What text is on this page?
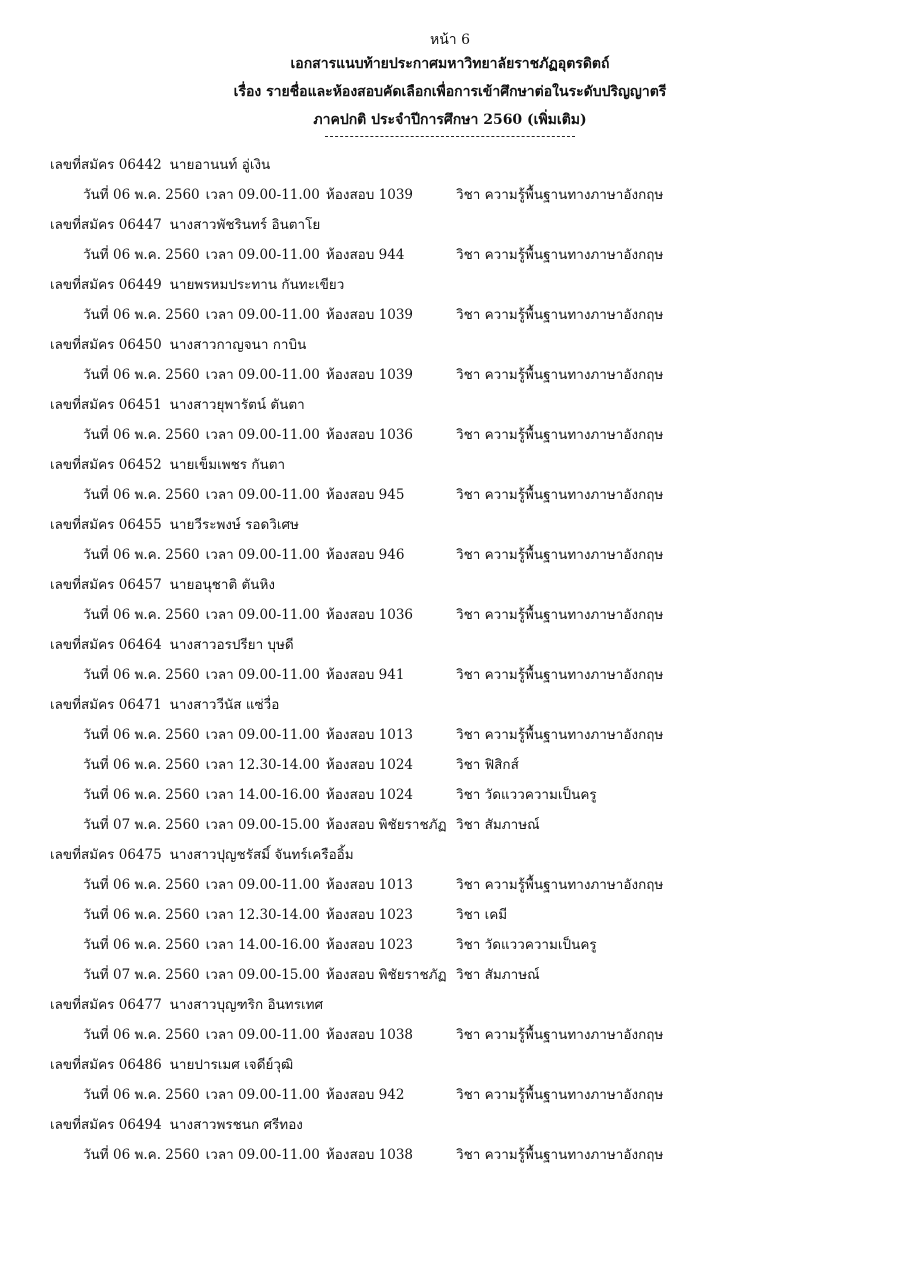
หน้า 6
เอกสารแนบท้ายประกาศมหาวิทยาลัยราชภัฏอุตรดิตถ์
เรื่อง รายชื่อและห้องสอบคัดเลือกเพื่อการเข้าศึกษาต่อในระดับปริญญาตรี
ภาคปกติ ประจำปีการศึกษา 2560 (เพิ่มเติม)
เลขที่สมัคร 06442 นายอานนท์ อู่เงิน
วันที่ 06 พ.ค. 2560 เวลา 09.00-11.00 ห้องสอบ 1039	วิชา ความรู้พื้นฐานทางภาษาอังกฤษ
เลขที่สมัคร 06447 นางสาวพัชรินทร์ อินตาโย
วันที่ 06 พ.ค. 2560 เวลา 09.00-11.00 ห้องสอบ 944	วิชา ความรู้พื้นฐานทางภาษาอังกฤษ
เลขที่สมัคร 06449 นายพรหมประทาน กันทะเขียว
วันที่ 06 พ.ค. 2560 เวลา 09.00-11.00 ห้องสอบ 1039	วิชา ความรู้พื้นฐานทางภาษาอังกฤษ
เลขที่สมัคร 06450 นางสาวกาญจนา กาบิน
วันที่ 06 พ.ค. 2560 เวลา 09.00-11.00 ห้องสอบ 1039	วิชา ความรู้พื้นฐานทางภาษาอังกฤษ
เลขที่สมัคร 06451 นางสาวยุพารัตน์ ตันตา
วันที่ 06 พ.ค. 2560 เวลา 09.00-11.00 ห้องสอบ 1036	วิชา ความรู้พื้นฐานทางภาษาอังกฤษ
เลขที่สมัคร 06452 นายเข็มเพชร กันตา
วันที่ 06 พ.ค. 2560 เวลา 09.00-11.00 ห้องสอบ 945	วิชา ความรู้พื้นฐานทางภาษาอังกฤษ
เลขที่สมัคร 06455 นายวีระพงษ์ รอดวิเศษ
วันที่ 06 พ.ค. 2560 เวลา 09.00-11.00 ห้องสอบ 946	วิชา ความรู้พื้นฐานทางภาษาอังกฤษ
เลขที่สมัคร 06457 นายอนุชาติ ตันหิง
วันที่ 06 พ.ค. 2560 เวลา 09.00-11.00 ห้องสอบ 1036	วิชา ความรู้พื้นฐานทางภาษาอังกฤษ
เลขที่สมัคร 06464 นางสาวอรปรียา บุษดี
วันที่ 06 พ.ค. 2560 เวลา 09.00-11.00 ห้องสอบ 941	วิชา ความรู้พื้นฐานทางภาษาอังกฤษ
เลขที่สมัคร 06471 นางสาววีนัส แซ่วื่อ
วันที่ 06 พ.ค. 2560 เวลา 09.00-11.00 ห้องสอบ 1013	วิชา ความรู้พื้นฐานทางภาษาอังกฤษ
วันที่ 06 พ.ค. 2560 เวลา 12.30-14.00 ห้องสอบ 1024	วิชา ฟิสิกส์
วันที่ 06 พ.ค. 2560 เวลา 14.00-16.00 ห้องสอบ 1024	วิชา วัดแววความเป็นครู
วันที่ 07 พ.ค. 2560 เวลา 09.00-15.00 ห้องสอบ พิชัยราชภัฏ วิชา สัมภาษณ์
เลขที่สมัคร 06475 นางสาวปุญชรัสมิ์ จันทร์เครืออิ้ม
วันที่ 06 พ.ค. 2560 เวลา 09.00-11.00 ห้องสอบ 1013	วิชา ความรู้พื้นฐานทางภาษาอังกฤษ
วันที่ 06 พ.ค. 2560 เวลา 12.30-14.00 ห้องสอบ 1023	วิชา เคมี
วันที่ 06 พ.ค. 2560 เวลา 14.00-16.00 ห้องสอบ 1023	วิชา วัดแววความเป็นครู
วันที่ 07 พ.ค. 2560 เวลา 09.00-15.00 ห้องสอบ พิชัยราชภัฏ วิชา สัมภาษณ์
เลขที่สมัคร 06477 นางสาวบุญฑริก อินทรเทศ
วันที่ 06 พ.ค. 2560 เวลา 09.00-11.00 ห้องสอบ 1038	วิชา ความรู้พื้นฐานทางภาษาอังกฤษ
เลขที่สมัคร 06486 นายปารเมศ เจดีย์วุฒิ
วันที่ 06 พ.ค. 2560 เวลา 09.00-11.00 ห้องสอบ 942	วิชา ความรู้พื้นฐานทางภาษาอังกฤษ
เลขที่สมัคร 06494 นางสาวพรชนก ศรีทอง
วันที่ 06 พ.ค. 2560 เวลา 09.00-11.00 ห้องสอบ 1038	วิชา ความรู้พื้นฐานทางภาษาอังกฤษ
